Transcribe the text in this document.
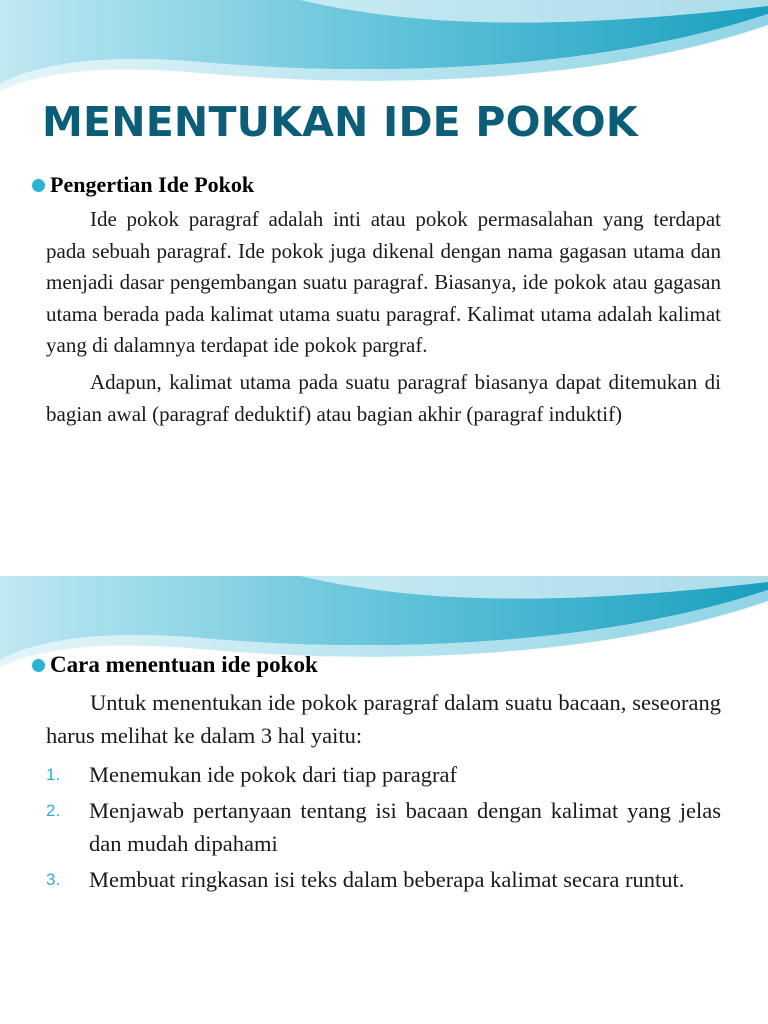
MENENTUKAN IDE POKOK
Pengertian Ide Pokok

Ide pokok paragraf adalah inti atau pokok permasalahan yang terdapat pada sebuah paragraf. Ide pokok juga dikenal dengan nama gagasan utama dan menjadi dasar pengembangan suatu paragraf. Biasanya, ide pokok atau gagasan utama berada pada kalimat utama suatu paragraf. Kalimat utama adalah kalimat yang di dalamnya terdapat ide pokok pargraf.

Adapun, kalimat utama pada suatu paragraf biasanya dapat ditemukan di bagian awal (paragraf deduktif) atau bagian akhir (paragraf induktif)

Cara menentuan ide pokok

Untuk menentukan ide pokok paragraf dalam suatu bacaan, seseorang harus melihat ke dalam 3 hal yaitu:

1. Menemukan ide pokok dari tiap paragraf
2. Menjawab pertanyaan tentang isi bacaan dengan kalimat yang jelas dan mudah dipahami
3. Membuat ringkasan isi teks dalam beberapa kalimat secara runtut.
